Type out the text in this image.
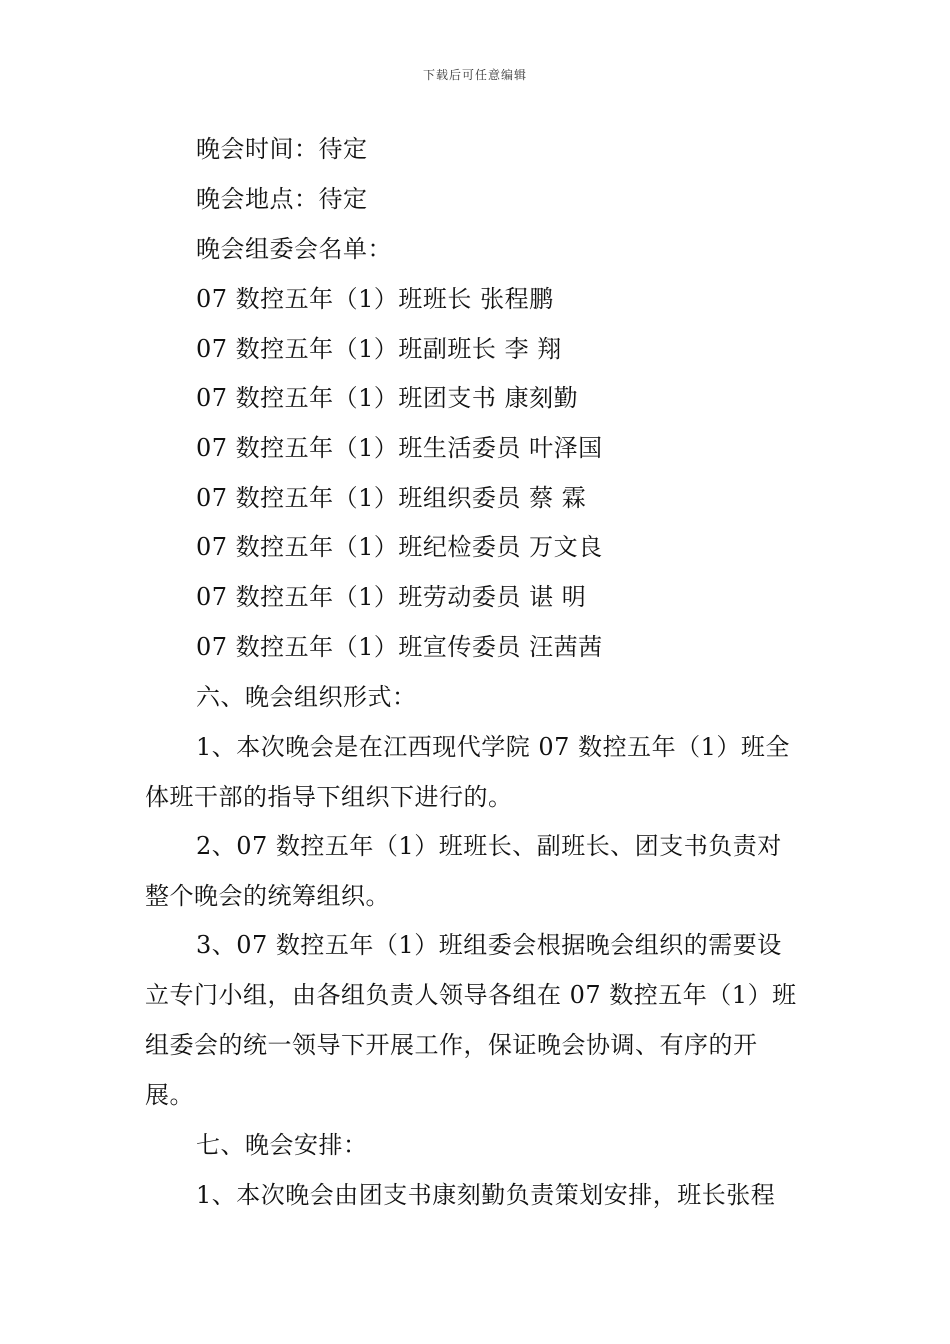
下载后可任意编辑
晚会时间：待定
晚会地点：待定
晚会组委会名单：
07 数控五年（1）班班长 张程鹏
07 数控五年（1）班副班长 李 翔
07 数控五年（1）班团支书 康刻勤
07 数控五年（1）班生活委员 叶泽国
07 数控五年（1）班组织委员 蔡 霖
07 数控五年（1）班纪检委员 万文良
07 数控五年（1）班劳动委员 谌 明
07 数控五年（1）班宣传委员 汪茜茜
六、晚会组织形式：
1、本次晚会是在江西现代学院 07 数控五年（1）班全
体班干部的指导下组织下进行的。
2、07 数控五年（1）班班长、副班长、团支书负责对
整个晚会的统筹组织。
3、07 数控五年（1）班组委会根据晚会组织的需要设
立专门小组，由各组负责人领导各组在 07 数控五年（1）班
组委会的统一领导下开展工作，保证晚会协调、有序的开
展。
七、晚会安排：
1、本次晚会由团支书康刻勤负责策划安排，班长张程
